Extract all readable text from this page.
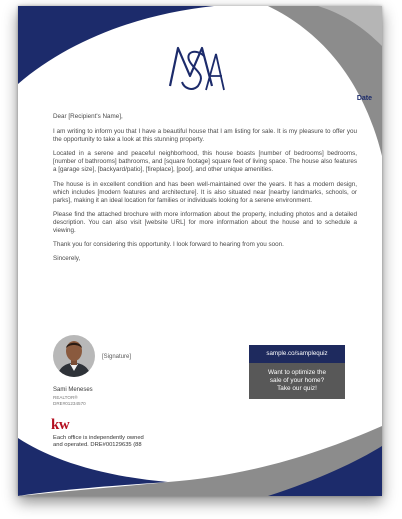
Date

Dear [Recipient's Name],

I am writing to inform you that I have a beautiful house that I am listing for sale. It is my pleasure to offer you the opportunity to take a look at this stunning property.

Located in a serene and peaceful neighborhood, this house boasts [number of bedrooms] bedrooms, [number of bathrooms] bathrooms, and [square footage] square feet of living space. The house also features a [garage size], [backyard/patio], [fireplace], [pool], and other unique amenities.

The house is in excellent condition and has been well-maintained over the years. It has a modern design, which includes [modern features and architecture]. It is also situated near [nearby landmarks, schools, or parks], making it an ideal location for families or individuals looking for a serene environment.

Please find the attached brochure with more information about the property, including photos and a detailed description. You can also visit [website URL] for more information about the house and to schedule a viewing.

Thank you for considering this opportunity. I look forward to hearing from you soon.

Sincerely,

[Signature]
Sami Meneses
REALTOR®
DRE#01234570
kw
Each office is independently owned
and operated. DRE#00129635 (88
sample.co/samplequiz
Want to optimize the
sale of your home?
Take our quiz!
